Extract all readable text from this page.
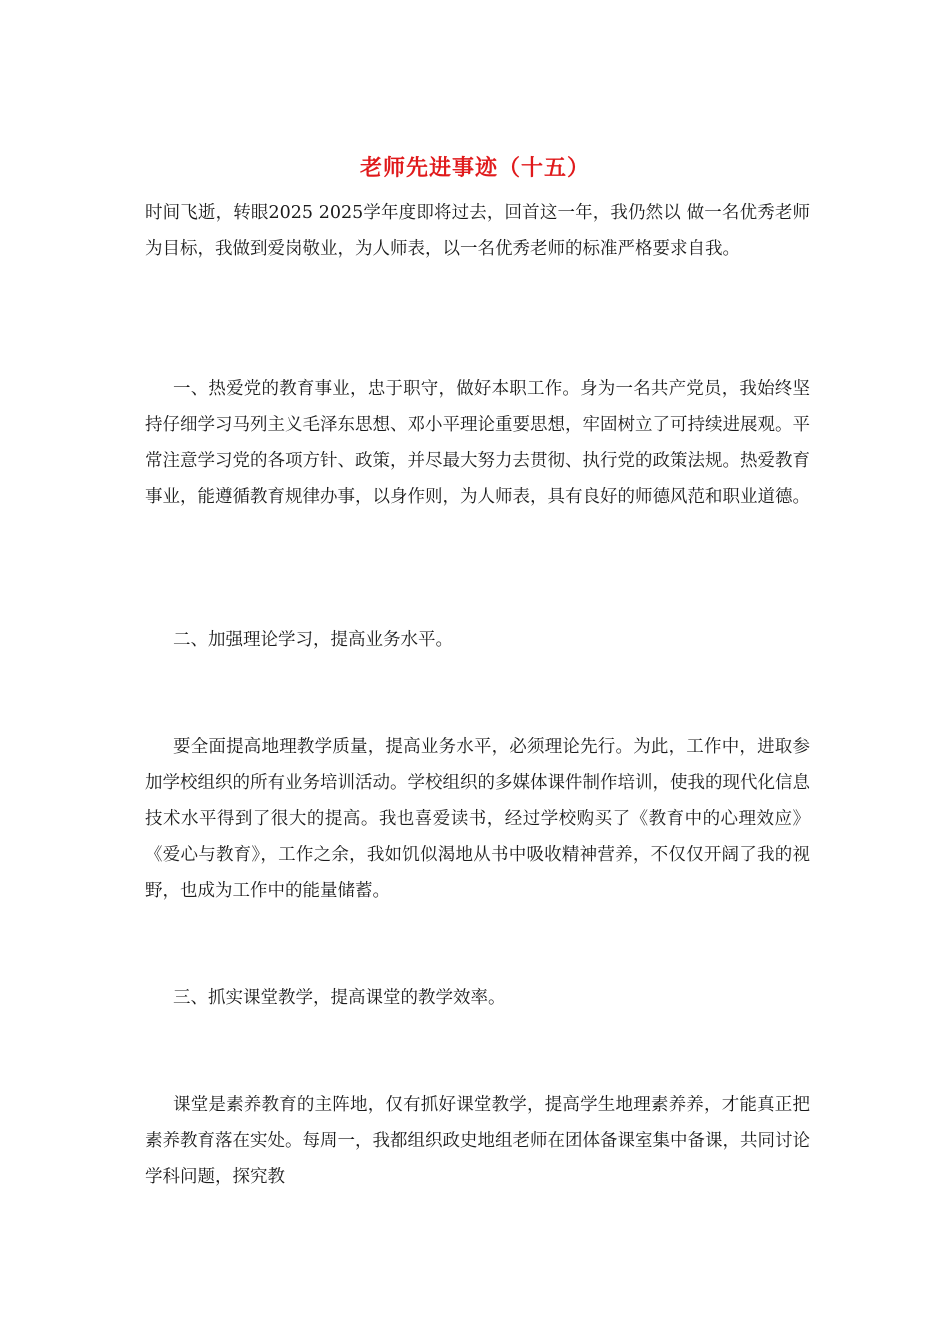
老师先进事迹（十五）

时间飞逝，转眼2025 2025学年度即将过去，回首这一年，我仍然以 做一名优秀老师 为目标，我做到爱岗敬业，为人师表，以一名优秀老师的标准严格要求自我。

一、热爱党的教育事业，忠于职守，做好本职工作。身为一名共产党员，我始终坚持仔细学习马列主义毛泽东思想、邓小平理论重要思想，牢固树立了可持续进展观。平常注意学习党的各项方针、政策，并尽最大努力去贯彻、执行党的政策法规。热爱教育事业，能遵循教育规律办事，以身作则，为人师表，具有良好的师德风范和职业道德。

二、加强理论学习，提高业务水平。

要全面提高地理教学质量，提高业务水平，必须理论先行。为此，工作中，进取参加学校组织的所有业务培训活动。学校组织的多媒体课件制作培训，使我的现代化信息技术水平得到了很大的提高。我也喜爱读书，经过学校购买了《教育中的心理效应》《爱心与教育》，工作之余，我如饥似渴地从书中吸收精神营养，不仅仅开阔了我的视野，也成为工作中的能量储蓄。

三、抓实课堂教学，提高课堂的教学效率。

课堂是素养教育的主阵地，仅有抓好课堂教学，提高学生地理素养养，才能真正把素养教育落在实处。每周一，我都组织政史地组老师在团体备课室集中备课，共同讨论学科问题，探究教
